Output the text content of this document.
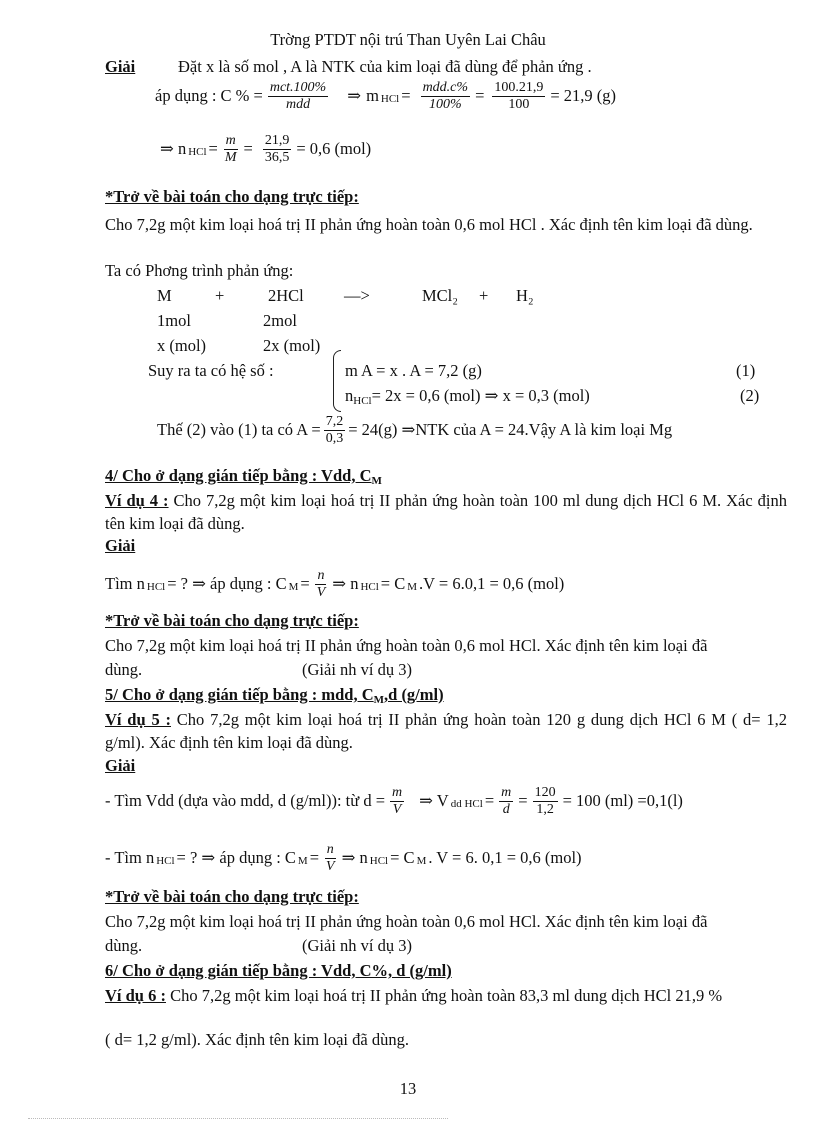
Trờng PTDT nội trú Than Uyên Lai Châu
Giải	Đặt x là số mol , A là NTK của kim loại đã dùng để phản ứng .
áp dụng : C % = $\frac{\text{mct.100\%}}{\text{mdd}}$ ⇒ m HCl = $\frac{\text{mdd.c\%}}{100\%} = \frac{100.21,9}{100} = 21,9$ (g)
⇒ n HCl = $\frac{m}{M} = \frac{21,9}{36,5} = 0,6$ (mol)
*Trở về bài toán cho dạng trực tiếp:
Cho 7,2g một kim loại hoá trị II phản ứng hoàn toàn 0,6 mol HCl . Xác định tên kim loại đã dùng.
Ta có Phơng trình phản ứng:
M	+	2HCl —>	MCl₂ + H₂
1mol	2mol
x (mol)	2x (mol)
Suy ra ta có hệ số :	m A = x . A = 7,2 (g)	(1)
nHCl= 2x = 0,6 (mol) ⇒ x = 0,3 (mol)	(2)
Thế (2) vào (1) ta có $A = \frac{7,2}{0,3} = 24(g)$ ⇒NTK của A = 24.Vậy A là kim loại Mg
4/ Cho ở dạng gián tiếp bằng : Vdd, CM
Ví dụ 4 : Cho 7,2g một kim loại hoá trị II phản ứng hoàn toàn 100 ml dung dịch HCl 6 M. Xác định tên kim loại đã dùng.
Giải
Tìm n HCl = ? ⇒ áp dụng : C $M = \frac{n}{V}$ ⇒ n HCl = C M .V = 6.0,1 = 0,6 (mol)
*Trở về bài toán cho dạng trực tiếp:
Cho 7,2g một kim loại hoá trị II phản ứng hoàn toàn 0,6 mol HCl. Xác định tên kim loại đã
dùng.	(Giải nh ví dụ 3)
5/ Cho ở dạng gián tiếp bằng : mdd, CM,d (g/ml)
Ví dụ 5 : Cho 7,2g một kim loại hoá trị II phản ứng hoàn toàn 120 g dung dịch HCl 6 M ( d= 1,2 g/ml). Xác định tên kim loại đã dùng.
Giải
- Tìm Vdd (dựa vào mdd, d (g/ml)): từ $d = \frac{m}{V}$ ⇒ V dd HCl = $\frac{m}{d} = \frac{120}{1,2} = 100$ (ml) =0,1(l)
- Tìm n HCl = ? ⇒ áp dụng : C $M = \frac{n}{V}$ ⇒ n HCl = C M . V = 6. 0,1 = 0,6 (mol)
*Trở về bài toán cho dạng trực tiếp:
Cho 7,2g một kim loại hoá trị II phản ứng hoàn toàn 0,6 mol HCl. Xác định tên kim loại đã
dùng.	(Giải nh ví dụ 3)
6/ Cho ở dạng gián tiếp bằng : Vdd, C%, d (g/ml)
Ví dụ 6 : Cho 7,2g một kim loại hoá trị II phản ứng hoàn toàn 83,3 ml dung dịch HCl 21,9 %
( d= 1,2 g/ml). Xác định tên kim loại đã dùng.
13
